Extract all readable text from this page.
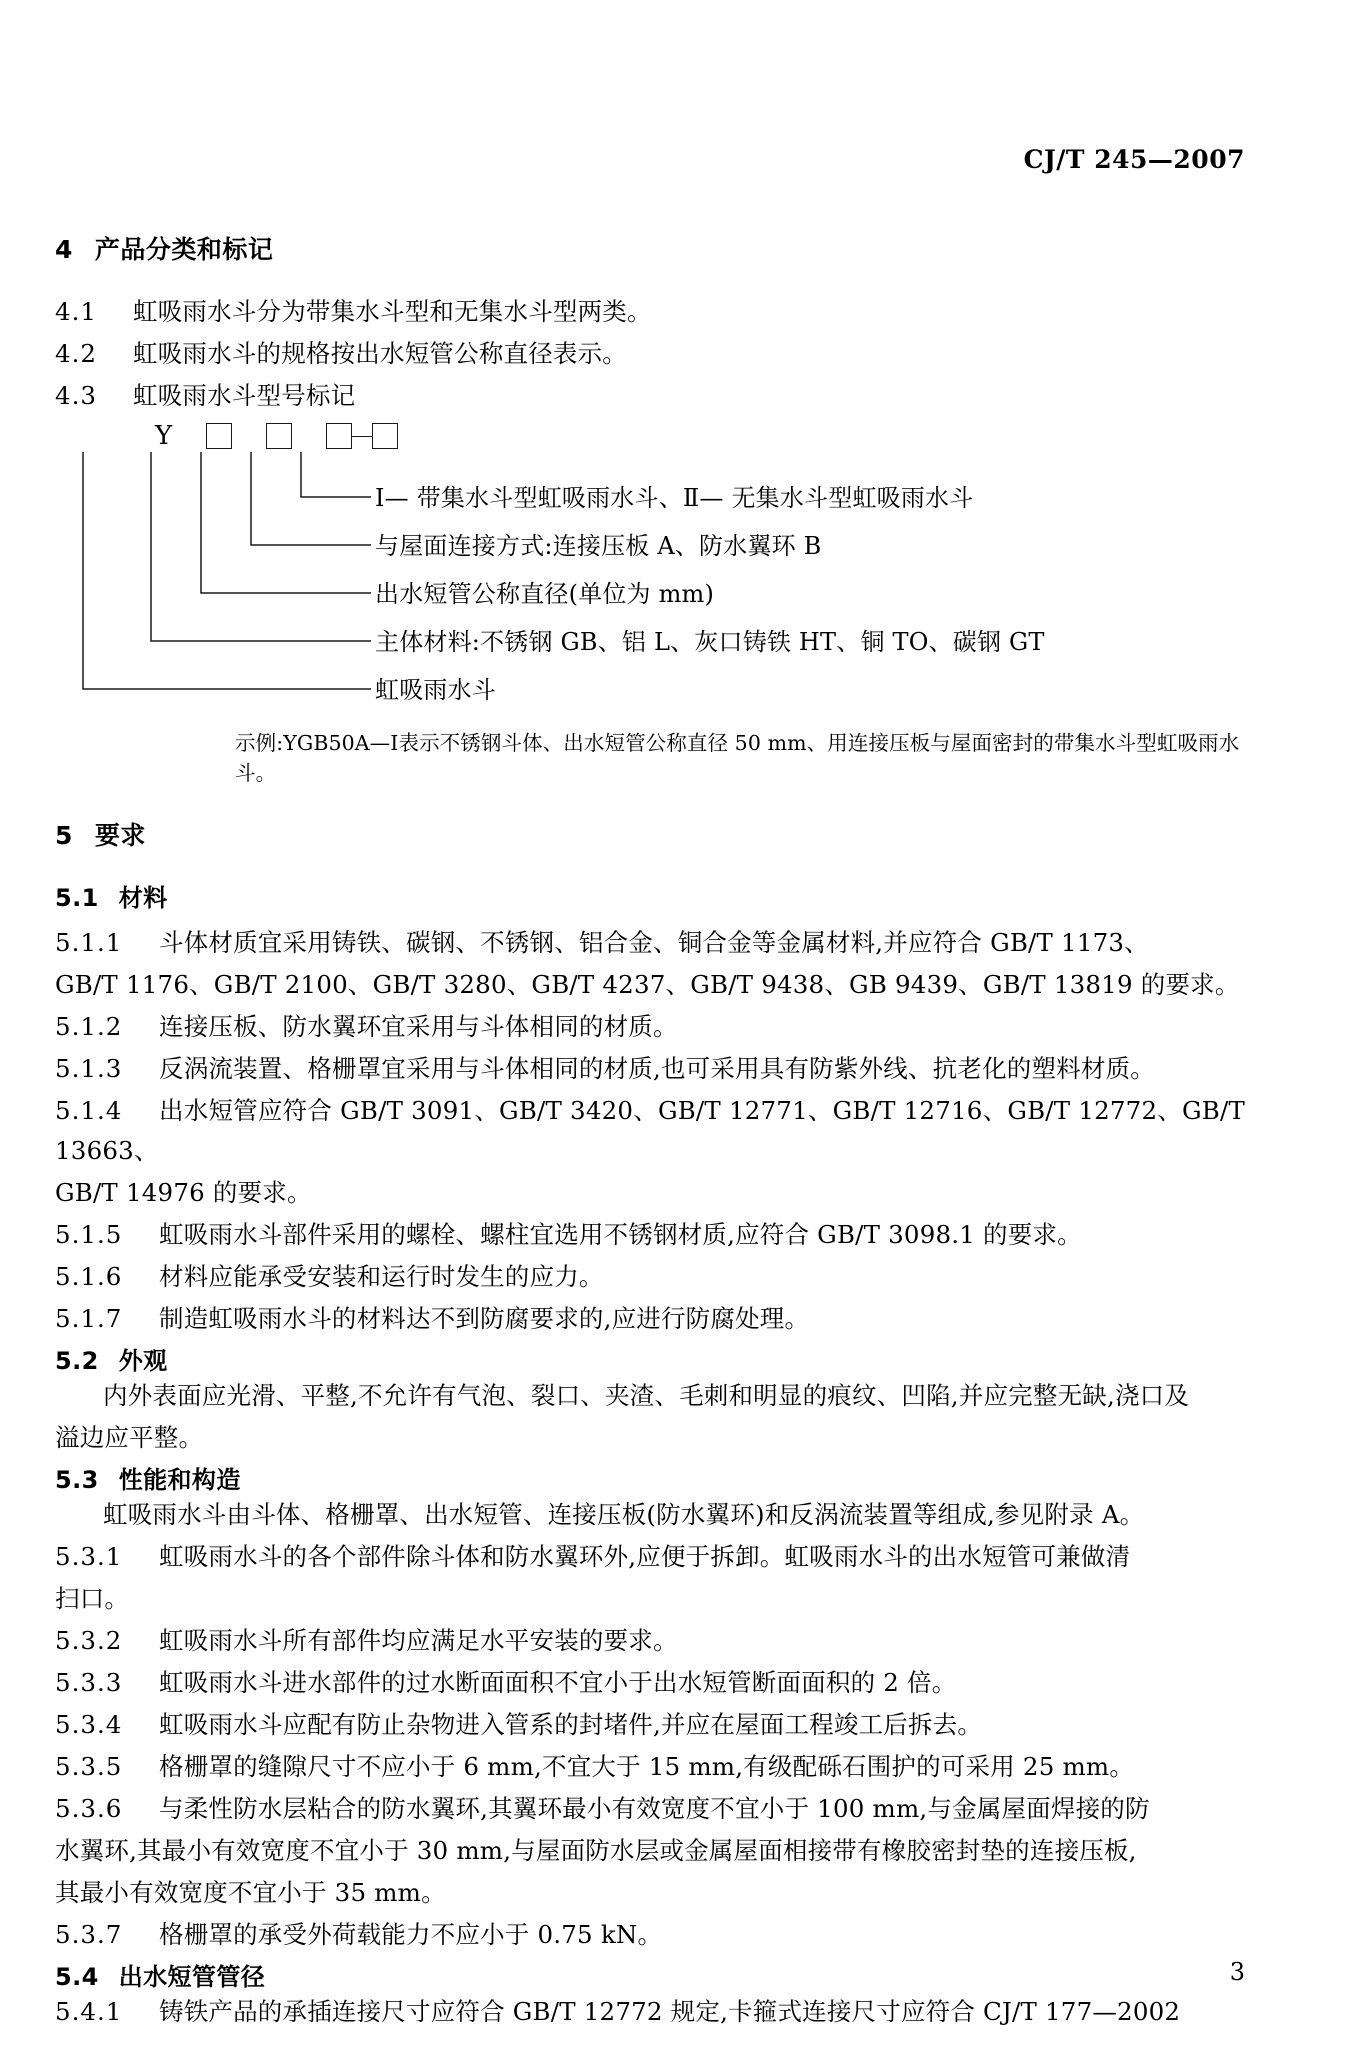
CJ/T 245—2007
4 产品分类和标记

4.1 虹吸雨水斗分为带集水斗型和无集水斗型两类。

4.2 虹吸雨水斗的规格按出水短管公称直径表示。

4.3 虹吸雨水斗型号标记

Y
Ⅰ— 带集水斗型虹吸雨水斗、Ⅱ— 无集水斗型虹吸雨水斗
与屋面连接方式:连接压板 A、防水翼环 B
出水短管公称直径(单位为 mm)
主体材料:不锈钢 GB、铝 L、灰口铸铁 HT、铜 TO、碳钢 GT
虹吸雨水斗

示例:YGB50A—Ⅰ表示不锈钢斗体、出水短管公称直径 50 mm、用连接压板与屋面密封的带集水斗型虹吸雨水斗。

5 要求
5.1 材料

5.1.1 斗体材质宜采用铸铁、碳钢、不锈钢、铝合金、铜合金等金属材料,并应符合 GB/T 1173、

GB/T 1176、GB/T 2100、GB/T 3280、GB/T 4237、GB/T 9438、GB 9439、GB/T 13819 的要求。

5.1.2 连接压板、防水翼环宜采用与斗体相同的材质。

5.1.3 反涡流装置、格栅罩宜采用与斗体相同的材质,也可采用具有防紫外线、抗老化的塑料材质。

5.1.4 出水短管应符合 GB/T 3091、GB/T 3420、GB/T 12771、GB/T 12716、GB/T 12772、GB/T 13663、

GB/T 14976 的要求。

5.1.5 虹吸雨水斗部件采用的螺栓、螺柱宜选用不锈钢材质,应符合 GB/T 3098.1 的要求。

5.1.6 材料应能承受安装和运行时发生的应力。

5.1.7 制造虹吸雨水斗的材料达不到防腐要求的,应进行防腐处理。

5.2 外观

内外表面应光滑、平整,不允许有气泡、裂口、夹渣、毛刺和明显的痕纹、凹陷,并应完整无缺,浇口及

溢边应平整。

5.3 性能和构造

虹吸雨水斗由斗体、格栅罩、出水短管、连接压板(防水翼环)和反涡流装置等组成,参见附录 A。

5.3.1 虹吸雨水斗的各个部件除斗体和防水翼环外,应便于拆卸。虹吸雨水斗的出水短管可兼做清

扫口。

5.3.2 虹吸雨水斗所有部件均应满足水平安装的要求。

5.3.3 虹吸雨水斗进水部件的过水断面面积不宜小于出水短管断面面积的 2 倍。

5.3.4 虹吸雨水斗应配有防止杂物进入管系的封堵件,并应在屋面工程竣工后拆去。

5.3.5 格栅罩的缝隙尺寸不应小于 6 mm,不宜大于 15 mm,有级配砾石围护的可采用 25 mm。

5.3.6 与柔性防水层粘合的防水翼环,其翼环最小有效宽度不宜小于 100 mm,与金属屋面焊接的防

水翼环,其最小有效宽度不宜小于 30 mm,与屋面防水层或金属屋面相接带有橡胶密封垫的连接压板,

其最小有效宽度不宜小于 35 mm。

5.3.7 格栅罩的承受外荷载能力不应小于 0.75 kN。

5.4 出水短管管径

5.4.1 铸铁产品的承插连接尺寸应符合 GB/T 12772 规定,卡箍式连接尺寸应符合 CJ/T 177—2002

3
